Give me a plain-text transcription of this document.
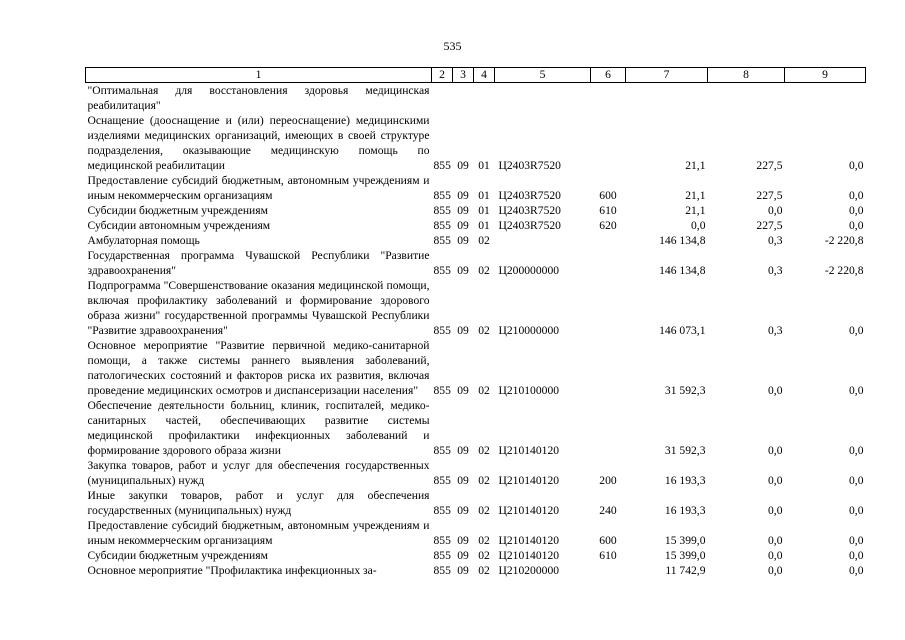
535
1	2	3	4	5	6	7	8	9
"Оптимальная для восстановления здоровья медицинская реабилитация"								
Оснащение (дооснащение и (или) переоснащение) медицинскими изделиями медицинских организаций, имеющих в своей структуре подразделения, оказывающие медицинскую помощь по медицинской реабилитации	855	09	01	Ц2403R7520		21,1	227,5	0,0
Предоставление субсидий бюджетным, автономным учреждениям и иным некоммерческим организациям	855	09	01	Ц2403R7520	600	21,1	227,5	0,0
Субсидии бюджетным учреждениям	855	09	01	Ц2403R7520	610	21,1	0,0	0,0
Субсидии автономным учреждениям	855	09	01	Ц2403R7520	620	0,0	227,5	0,0
Амбулаторная помощь	855	09	02			146 134,8	0,3	-2 220,8
Государственная программа Чувашской Республики "Развитие здравоохранения"	855	09	02	Ц200000000		146 134,8	0,3	-2 220,8
Подпрограмма "Совершенствование оказания медицинской помощи, включая профилактику заболеваний и формирование здорового образа жизни" государственной программы Чувашской Республики "Развитие здравоохранения"	855	09	02	Ц210000000		146 073,1	0,3	0,0
Основное мероприятие "Развитие первичной медико-санитарной помощи, а также системы раннего выявления заболеваний, патологических состояний и факторов риска их развития, включая проведение медицинских осмотров и диспансеризации населения"	855	09	02	Ц210100000		31 592,3	0,0	0,0
Обеспечение деятельности больниц, клиник, госпиталей, медико-санитарных частей, обеспечивающих развитие системы медицинской профилактики инфекционных заболеваний и формирование здорового образа жизни	855	09	02	Ц210140120		31 592,3	0,0	0,0
Закупка товаров, работ и услуг для обеспечения государственных (муниципальных) нужд	855	09	02	Ц210140120	200	16 193,3	0,0	0,0
Иные закупки товаров, работ и услуг для обеспечения государственных (муниципальных) нужд	855	09	02	Ц210140120	240	16 193,3	0,0	0,0
Предоставление субсидий бюджетным, автономным учреждениям и иным некоммерческим организациям	855	09	02	Ц210140120	600	15 399,0	0,0	0,0
Субсидии бюджетным учреждениям	855	09	02	Ц210140120	610	15 399,0	0,0	0,0
Основное мероприятие "Профилактика инфекционных за-	855	09	02	Ц210200000		11 742,9	0,0	0,0
